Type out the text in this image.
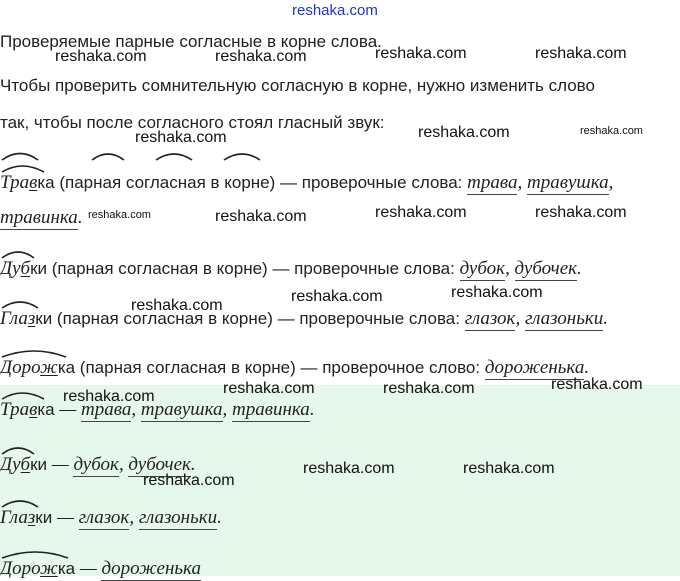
reshaka.com
Проверяемые парные согласные в корне слова.
Чтобы проверить сомнительную согласную в корне, нужно изменить слово
так, чтобы после согласного стоял гласный звук:
Травка (парная согласная в корне) — проверочные слова: трава, травушка,
травинка.
Дубки (парная согласная в корне) — проверочные слова: дубок, дубочек.
Глазки (парная согласная в корне) — проверочные слова: глазок, глазоньки.
Дорожка (парная согласная в корне) — проверочное слово: дороженька.
Травка — трава, травушка, травинка.
Дубки — дубок, дубочек.
Глазки — глазок, глазоньки.
Дорожка — дороженька
reshaka.com	reshaka.com	reshaka.com	reshaka.com
reshaka.com	reshaka.com	reshaka.com
reshaka.com	reshaka.com	reshaka.com	reshaka.com
reshaka.com
reshaka.com	reshaka.com
reshaka.com	reshaka.com	reshaka.com	reshaka.com
reshaka.com	reshaka.com
reshaka.com
